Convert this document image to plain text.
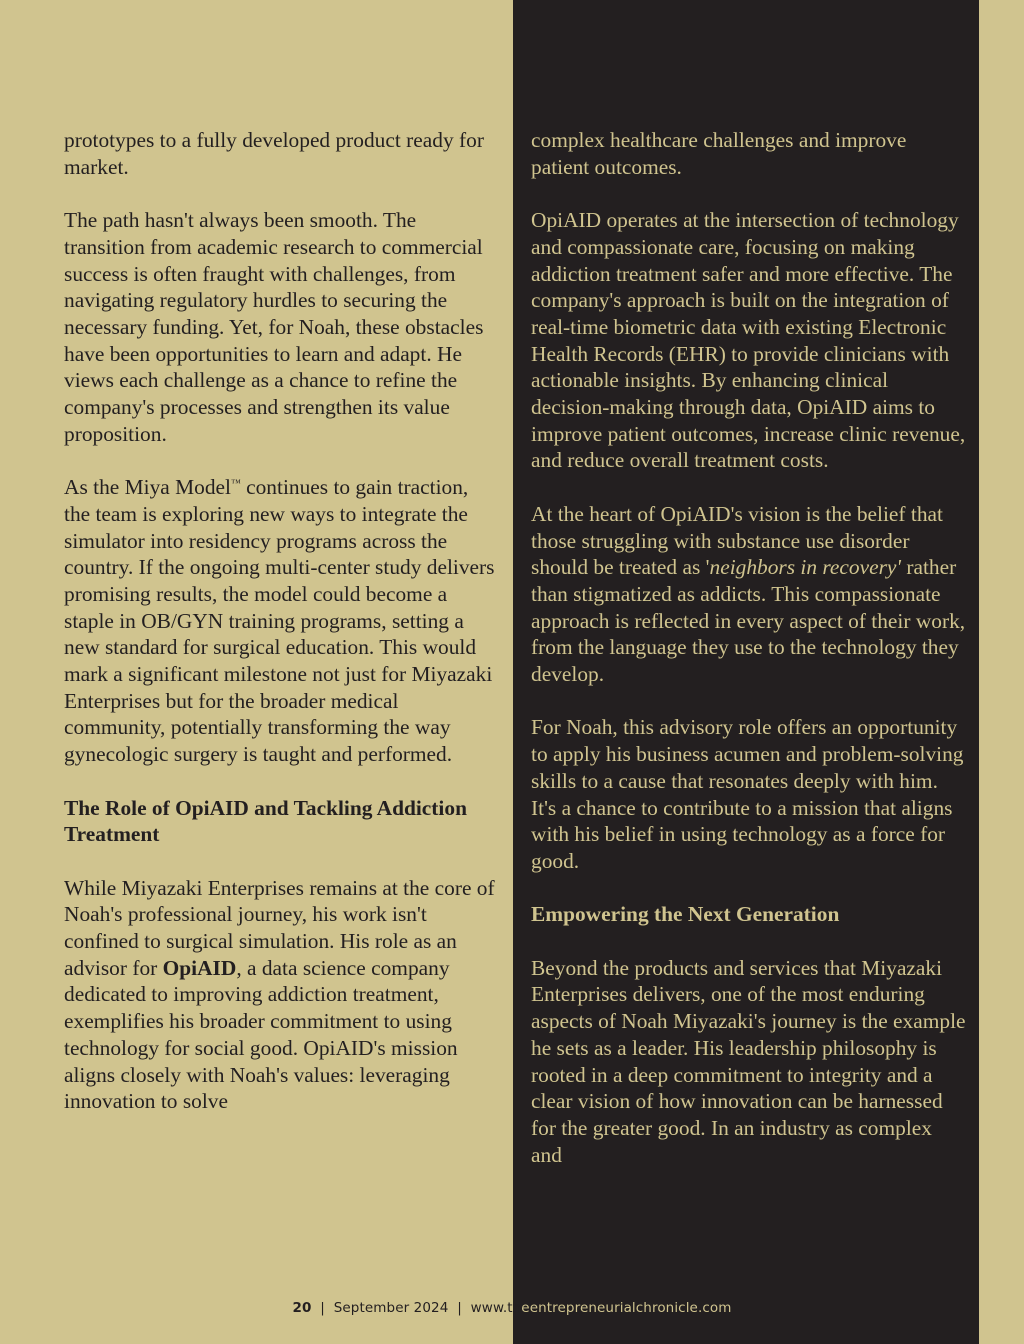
prototypes to a fully developed product ready for market.

The path hasn't always been smooth. The transition from academic research to commercial success is often fraught with challenges, from navigating regulatory hurdles to securing the necessary funding. Yet, for Noah, these obstacles have been opportunities to learn and adapt. He views each challenge as a chance to refine the company's processes and strengthen its value proposition.

As the Miya Model™ continues to gain traction, the team is exploring new ways to integrate the simulator into residency programs across the country. If the ongoing multi-center study delivers promising results, the model could become a staple in OB/GYN training programs, setting a new standard for surgical education. This would mark a significant milestone not just for Miyazaki Enterprises but for the broader medical community, potentially transforming the way gynecologic surgery is taught and performed.

The Role of OpiAID and Tackling Addiction Treatment

While Miyazaki Enterprises remains at the core of Noah's professional journey, his work isn't confined to surgical simulation. His role as an advisor for OpiAID, a data science company dedicated to improving addiction treatment, exemplifies his broader commitment to using technology for social good. OpiAID's mission aligns closely with Noah's values: leveraging innovation to solve

complex healthcare challenges and improve patient outcomes.

OpiAID operates at the intersection of technology and compassionate care, focusing on making addiction treatment safer and more effective. The company's approach is built on the integration of real-time biometric data with existing Electronic Health Records (EHR) to provide clinicians with actionable insights. By enhancing clinical decision-making through data, OpiAID aims to improve patient outcomes, increase clinic revenue, and reduce overall treatment costs.

At the heart of OpiAID's vision is the belief that those struggling with substance use disorder should be treated as 'neighbors in recovery' rather than stigmatized as addicts. This compassionate approach is reflected in every aspect of their work, from the language they use to the technology they develop.

For Noah, this advisory role offers an opportunity to apply his business acumen and problem-solving skills to a cause that resonates deeply with him. It's a chance to contribute to a mission that aligns with his belief in using technology as a force for good.

Empowering the Next Generation

Beyond the products and services that Miyazaki Enterprises delivers, one of the most enduring aspects of Noah Miyazaki's journey is the example he sets as a leader. His leadership philosophy is rooted in a deep commitment to integrity and a clear vision of how innovation can be harnessed for the greater good. In an industry as complex and

20 | September 2024 | www.theentrepreneurialchronicle.com
